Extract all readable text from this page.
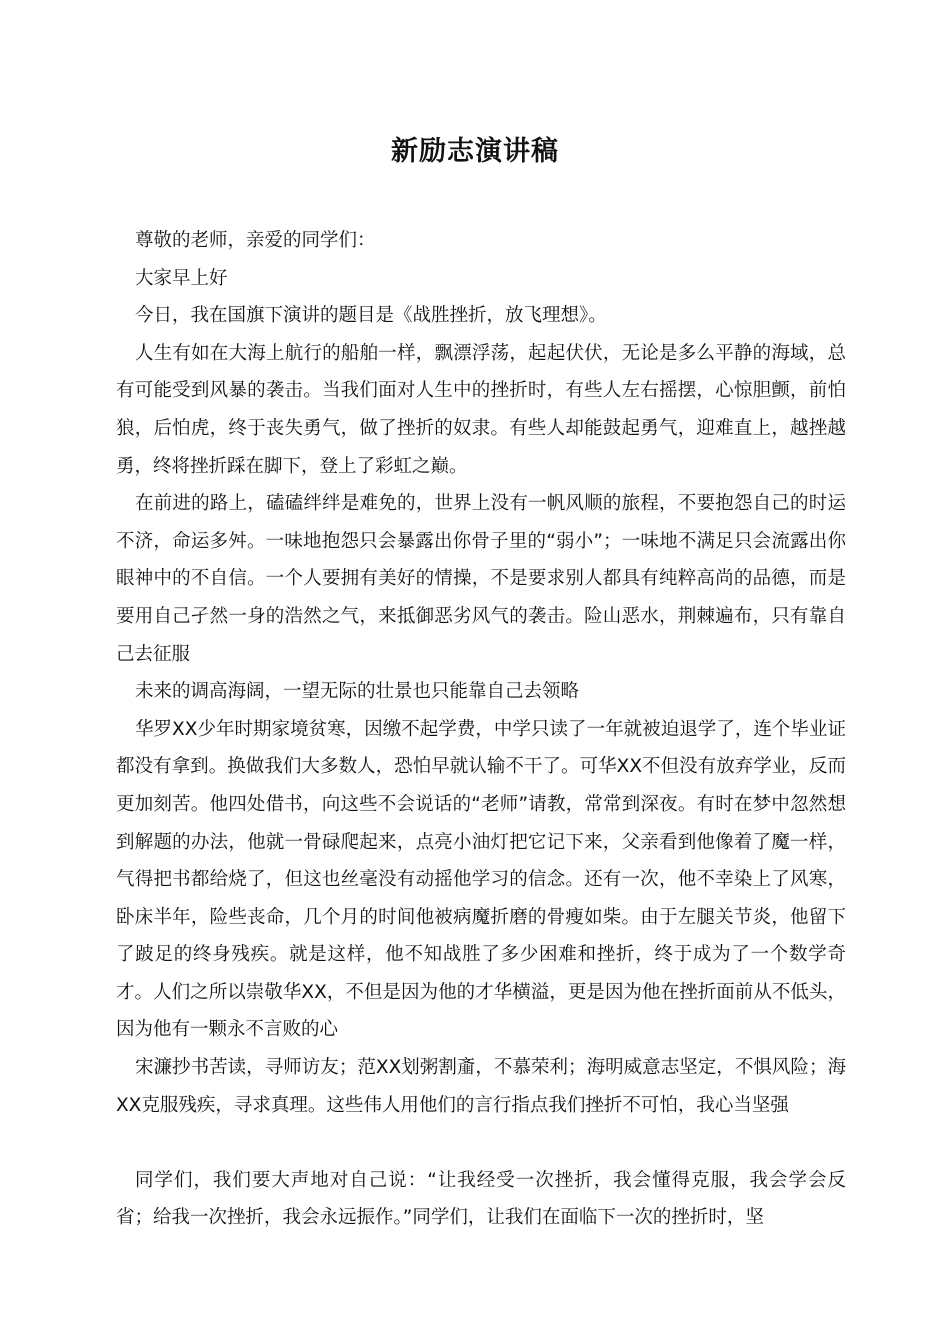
新励志演讲稿

尊敬的老师，亲爱的同学们：

大家早上好

今日，我在国旗下演讲的题目是《战胜挫折，放飞理想》。

人生有如在大海上航行的船舶一样，飘漂浮荡，起起伏伏，无论是多么平静的海域，总有可能受到风暴的袭击。当我们面对人生中的挫折时，有些人左右摇摆，心惊胆颤，前怕狼，后怕虎，终于丧失勇气，做了挫折的奴隶。有些人却能鼓起勇气，迎难直上，越挫越勇，终将挫折踩在脚下，登上了彩虹之巅。

在前进的路上，磕磕绊绊是难免的，世界上没有一帆风顺的旅程，不要抱怨自己的时运不济，命运多舛。一味地抱怨只会暴露出你骨子里的“弱小”；一味地不满足只会流露出你眼神中的不自信。一个人要拥有美好的情操，不是要求别人都具有纯粹高尚的品德，而是要用自己孑然一身的浩然之气，来抵御恶劣风气的袭击。险山恶水，荆棘遍布，只有靠自己去征服

未来的调高海阔，一望无际的壮景也只能靠自己去领略

华罗XX少年时期家境贫寒，因缴不起学费，中学只读了一年就被迫退学了，连个毕业证都没有拿到。换做我们大多数人，恐怕早就认输不干了。可华XX不但没有放弃学业，反而更加刻苦。他四处借书，向这些不会说话的“老师”请教，常常到深夜。有时在梦中忽然想到解题的办法，他就一骨碌爬起来，点亮小油灯把它记下来，父亲看到他像着了魔一样，气得把书都给烧了，但这也丝毫没有动摇他学习的信念。还有一次，他不幸染上了风寒，卧床半年，险些丧命，几个月的时间他被病魔折磨的骨瘦如柴。由于左腿关节炎，他留下了跛足的终身残疾。就是这样，他不知战胜了多少困难和挫折，终于成为了一个数学奇才。人们之所以崇敬华XX，不但是因为他的才华横溢，更是因为他在挫折面前从不低头，因为他有一颗永不言败的心

宋濂抄书苦读，寻师访友；范XX划粥割齑，不慕荣利；海明威意志坚定，不惧风险；海XX克服残疾，寻求真理。这些伟人用他们的言行指点我们挫折不可怕，我心当坚强

同学们，我们要大声地对自己说：“让我经受一次挫折，我会懂得克服，我会学会反省；给我一次挫折，我会永远振作。”同学们，让我们在面临下一次的挫折时，坚
